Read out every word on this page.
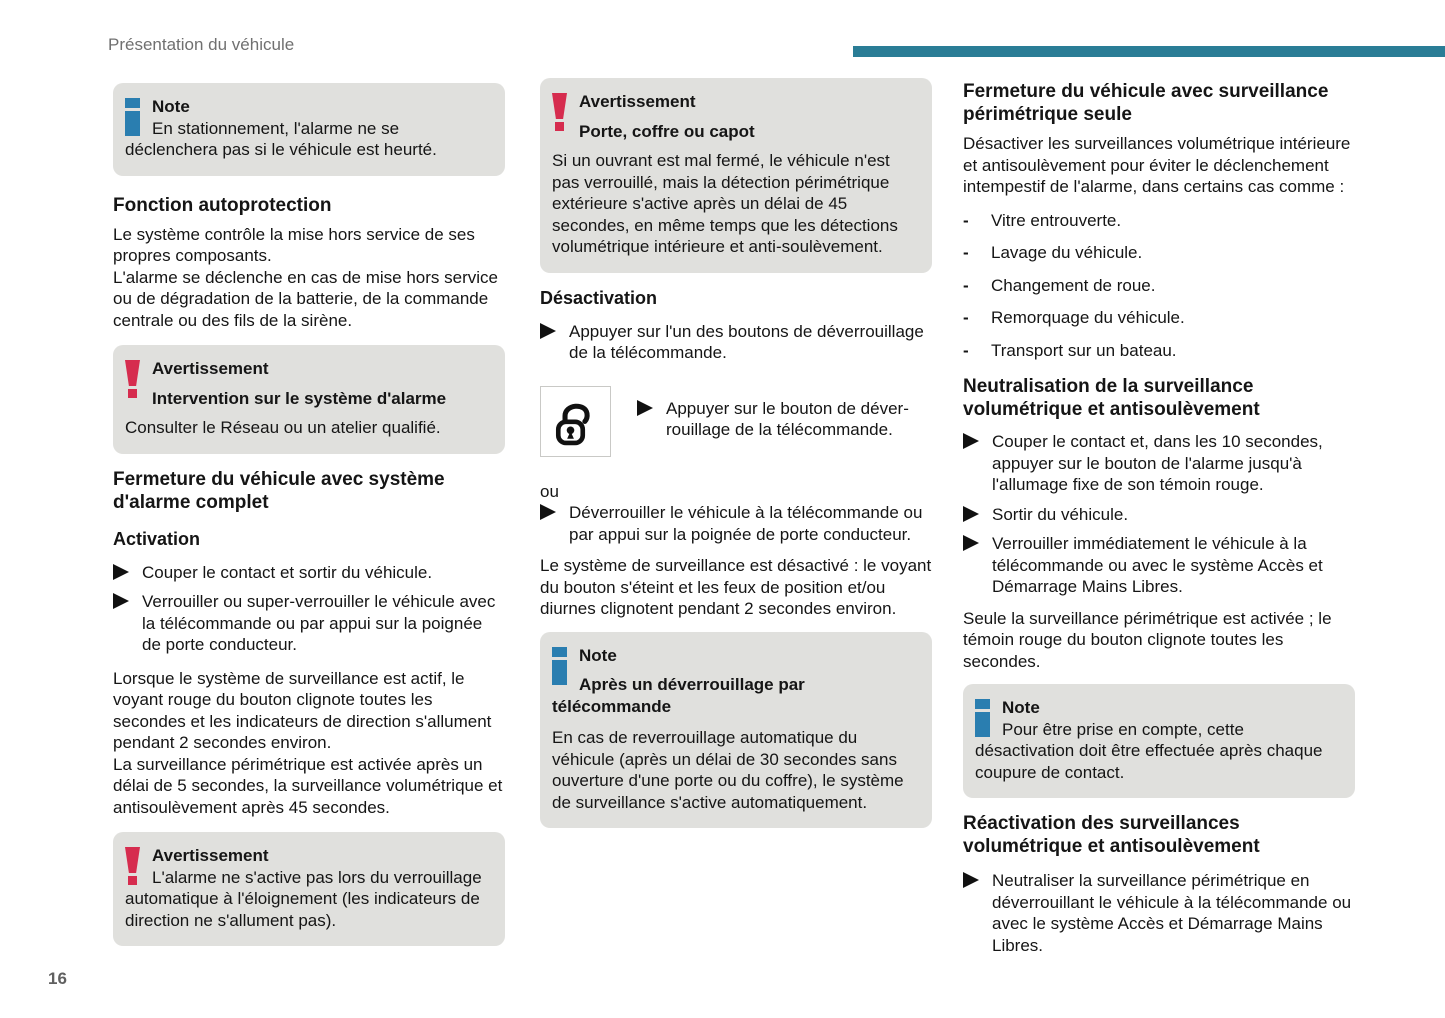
Présentation du véhicule
Note
En stationnement, l'alarme ne se déclenchera pas si le véhicule est heurté.
Fonction autoprotection

Le système contrôle la mise hors service de ses propres composants.

L'alarme se déclenche en cas de mise hors service ou de dégradation de la batterie, de la commande centrale ou des fils de la sirène.

Avertissement
Intervention sur le système d'alarme
Consulter le Réseau ou un atelier qualifié.
Fermeture du véhicule avec système d'alarme complet
Activation
Couper le contact et sortir du véhicule.
Verrouiller ou super-verrouiller le véhicule avec la télécommande ou par appui sur la poignée de porte conducteur.

Lorsque le système de surveillance est actif, le voyant rouge du bouton clignote toutes les secondes et les indicateurs de direction s'allument pendant 2 secondes environ.

La surveillance périmétrique est activée après un délai de 5 secondes, la surveillance volumétrique et antisoulèvement après 45 secondes.

Avertissement
L'alarme ne s'active pas lors du verrouillage automatique à l'éloignement (les indicateurs de direction ne s'allument pas).
Avertissement
Porte, coffre ou capot
Si un ouvrant est mal fermé, le véhicule n'est pas verrouillé, mais la détection périmétrique extérieure s'active après un délai de 45 secondes, en même temps que les détections volumétrique intérieure et anti-soulèvement.
Désactivation
Appuyer sur l'un des boutons de déverrouillage de la télécommande.
Appuyer sur le bouton de déver-
rouillage de la télécommande.

ou

Déverrouiller le véhicule à la télécommande ou par appui sur la poignée de porte conducteur.

Le système de surveillance est désactivé : le voyant du bouton s'éteint et les feux de position et/ou diurnes clignotent pendant 2 secondes environ.

Note
Après un déverrouillage par télécommande
En cas de reverrouillage automatique du véhicule (après un délai de 30 secondes sans ouverture d'une porte ou du coffre), le système de surveillance s'active automatiquement.
Fermeture du véhicule avec surveillance périmétrique seule

Désactiver les surveillances volumétrique intérieure et antisoulèvement pour éviter le déclenchement intempestif de l'alarme, dans certains cas comme :

- Vitre entrouverte.
- Lavage du véhicule.
- Changement de roue.
- Remorquage du véhicule.
- Transport sur un bateau.
Neutralisation de la surveillance volumétrique et antisoulèvement
Couper le contact et, dans les 10 secondes, appuyer sur le bouton de l'alarme jusqu'à l'allumage fixe de son témoin rouge.
Sortir du véhicule.
Verrouiller immédiatement le véhicule à la télécommande ou avec le système Accès et Démarrage Mains Libres.

Seule la surveillance périmétrique est activée ; le témoin rouge du bouton clignote toutes les secondes.

Note
Pour être prise en compte, cette désactivation doit être effectuée après chaque coupure de contact.
Réactivation des surveillances volumétrique et antisoulèvement
Neutraliser la surveillance périmétrique en déverrouillant le véhicule à la télécommande ou avec le système Accès et Démarrage Mains Libres.
16
